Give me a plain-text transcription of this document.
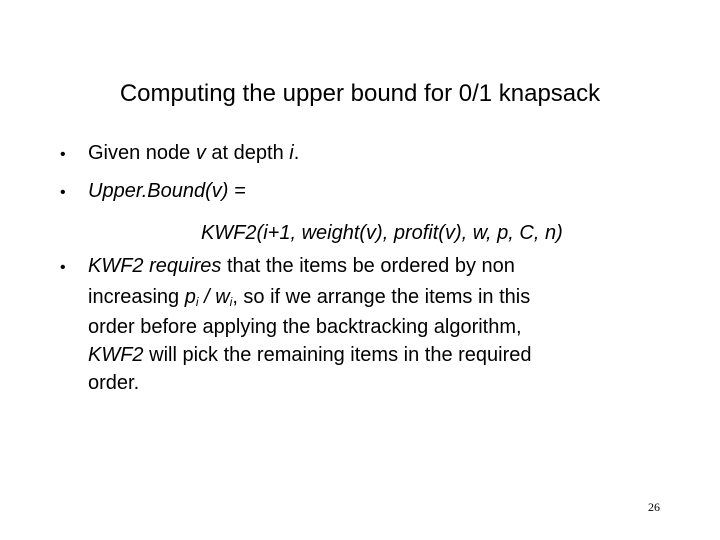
Computing the upper bound for 0/1 knapsack
•	Given node v at depth i.
•	Upper.Bound(v) =
KWF2(i+1, weight(v), profit(v), w, p, C, n)
•	KWF2 requires that the items be ordered by non
increasing $p_i / w_i$, so if we arrange the items in this
order before applying the backtracking algorithm,
KWF2 will pick the remaining items in the required
order.
26
